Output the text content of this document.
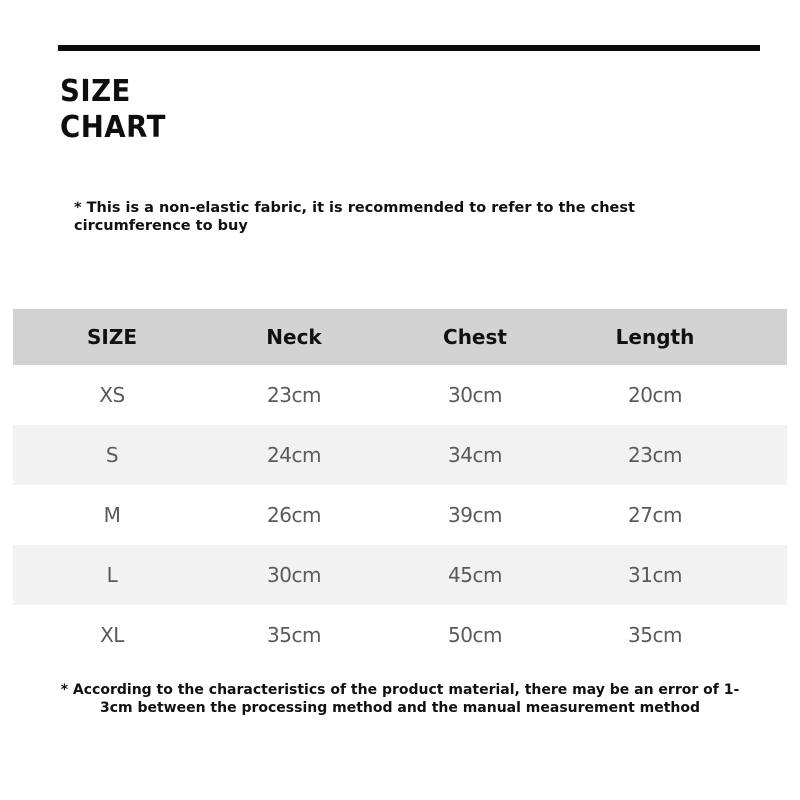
SIZE
CHART

* This is a non-elastic fabric, it is recommended to refer to the chest circumference to buy

SIZE	Neck	Chest	Length
XS	23cm	30cm	20cm
S	24cm	34cm	23cm
M	26cm	39cm	27cm
L	30cm	45cm	31cm
XL	35cm	50cm	35cm

* According to the characteristics of the product material, there may be an error of 1-3cm between the processing method and the manual measurement method
